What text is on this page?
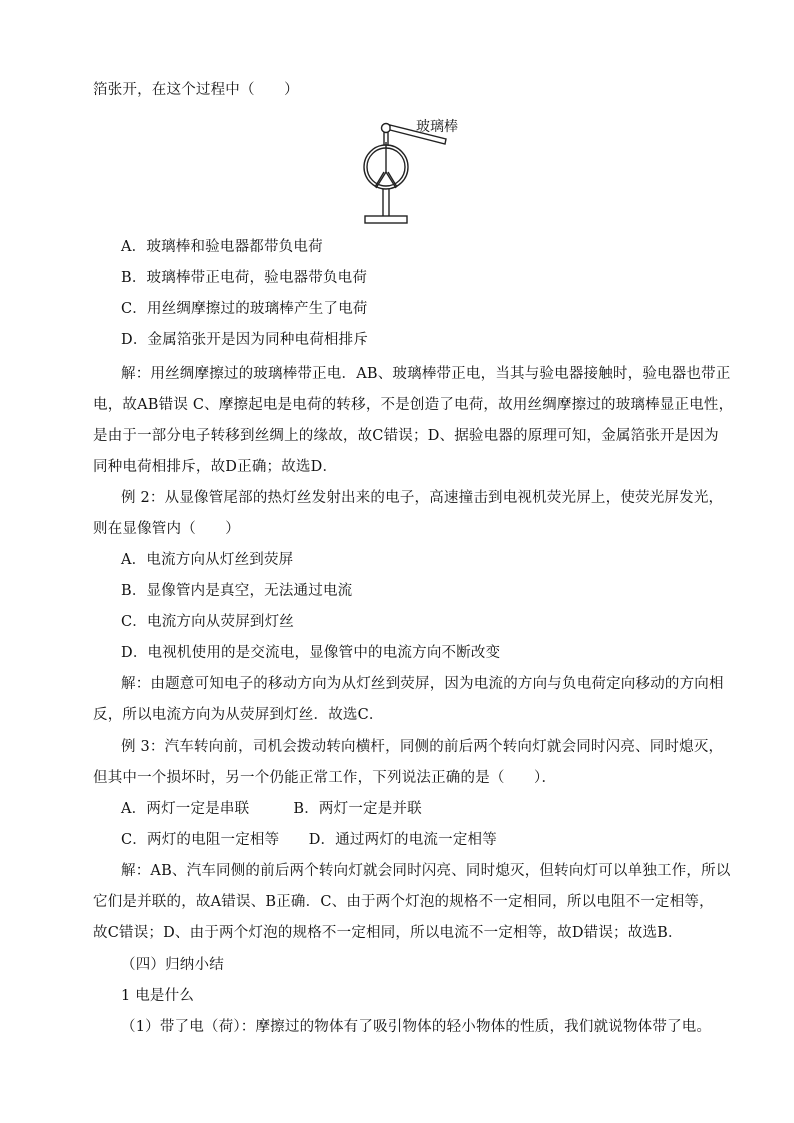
箔张开，在这个过程中（　　）
玻璃棒
A．玻璃棒和验电器都带负电荷
B．玻璃棒带正电荷，验电器带负电荷
C．用丝绸摩擦过的玻璃棒产生了电荷
D．金属箔张开是因为同种电荷相排斥
解：用丝绸摩擦过的玻璃棒带正电．AB、玻璃棒带正电，当其与验电器接触时，验电器也带正
电，故AB错误 C、摩擦起电是电荷的转移，不是创造了电荷，故用丝绸摩擦过的玻璃棒显正电性，
是由于一部分电子转移到丝绸上的缘故，故C错误；D、据验电器的原理可知，金属箔张开是因为
同种电荷相排斥，故D正确；故选D．
例 2：从显像管尾部的热灯丝发射出来的电子，高速撞击到电视机荧光屏上，使荧光屏发光，
则在显像管内（　　）
A．电流方向从灯丝到荧屏
B．显像管内是真空，无法通过电流
C．电流方向从荧屏到灯丝
D．电视机使用的是交流电，显像管中的电流方向不断改变
解：由题意可知电子的移动方向为从灯丝到荧屏，因为电流的方向与负电荷定向移动的方向相
反，所以电流方向为从荧屏到灯丝．故选C．
例 3：汽车转向前，司机会拨动转向横杆，同侧的前后两个转向灯就会同时闪亮、同时熄灭，
但其中一个损坏时，另一个仍能正常工作，下列说法正确的是（　　）．
A．两灯一定是串联　　　B．两灯一定是并联
C．两灯的电阻一定相等　　D．通过两灯的电流一定相等
解：AB、汽车同侧的前后两个转向灯就会同时闪亮、同时熄灭，但转向灯可以单独工作，所以
它们是并联的，故A错误、B正确．C、由于两个灯泡的规格不一定相同，所以电阻不一定相等，
故C错误；D、由于两个灯泡的规格不一定相同，所以电流不一定相等，故D错误；故选B．
（四）归纳小结
1 电是什么
（1）带了电（荷）：摩擦过的物体有了吸引物体的轻小物体的性质，我们就说物体带了电。
